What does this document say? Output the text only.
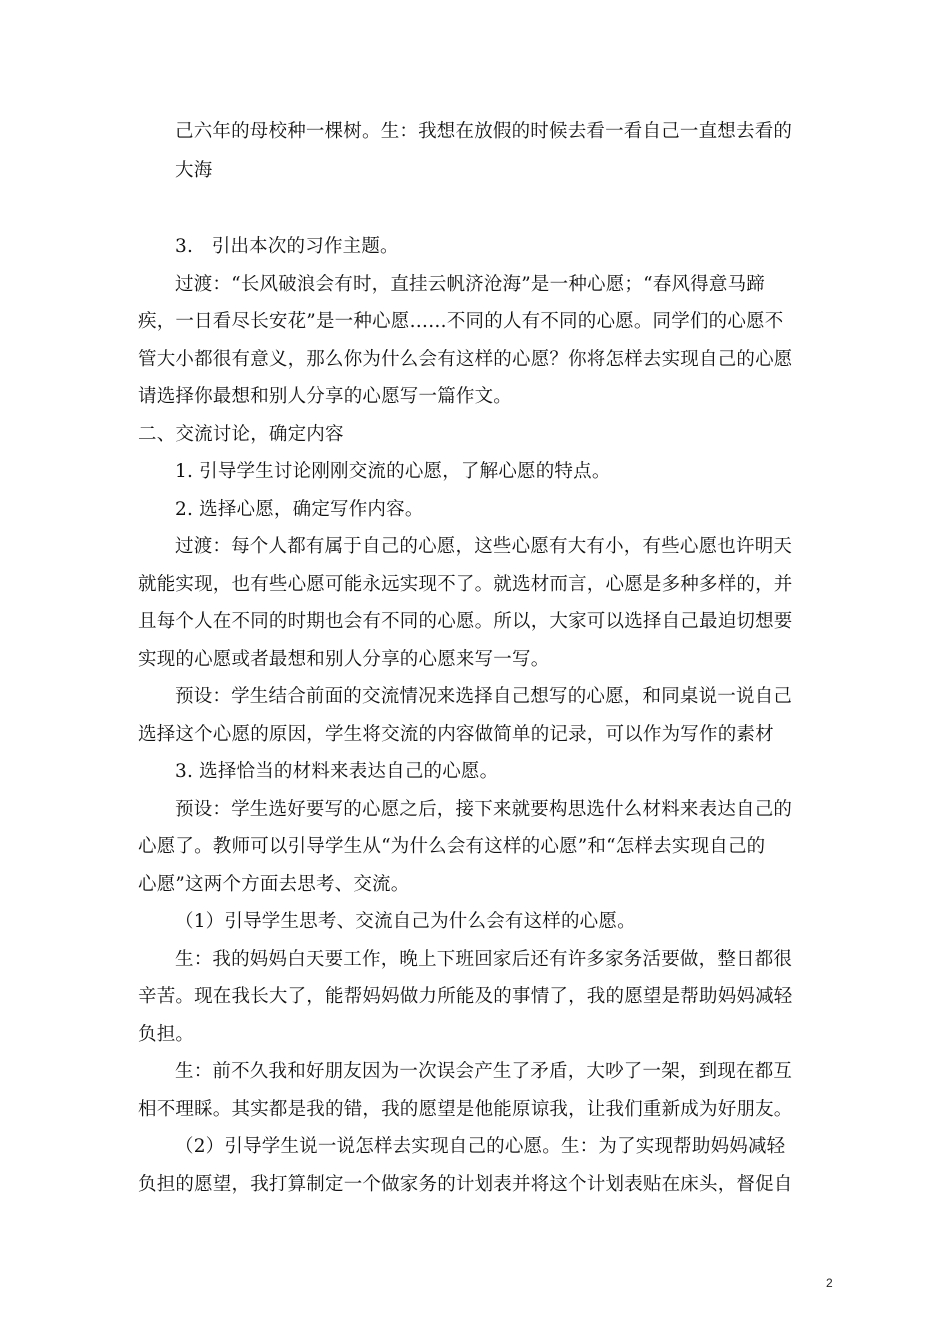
己六年的母校种一棵树。生：我想在放假的时候去看一看自己一直想去看的
大海
3.　引出本次的习作主题。
过渡：“长风破浪会有时，直挂云帆济沧海”是一种心愿；“春风得意马蹄
疾，一日看尽长安花”是一种心愿……不同的人有不同的心愿。同学们的心愿不
管大小都很有意义，那么你为什么会有这样的心愿？你将怎样去实现自己的心愿
请选择你最想和别人分享的心愿写一篇作文。
二、交流讨论，确定内容
1. 引导学生讨论刚刚交流的心愿，了解心愿的特点。
2. 选择心愿，确定写作内容。
过渡：每个人都有属于自己的心愿，这些心愿有大有小，有些心愿也许明天
就能实现，也有些心愿可能永远实现不了。就选材而言，心愿是多种多样的，并
且每个人在不同的时期也会有不同的心愿。所以，大家可以选择自己最迫切想要
实现的心愿或者最想和别人分享的心愿来写一写。
预设：学生结合前面的交流情况来选择自己想写的心愿，和同桌说一说自己
选择这个心愿的原因，学生将交流的内容做简单的记录，可以作为写作的素材
3. 选择恰当的材料来表达自己的心愿。
预设：学生选好要写的心愿之后，接下来就要构思选什么材料来表达自己的
心愿了。教师可以引导学生从“为什么会有这样的心愿”和“怎样去实现自己的
心愿”这两个方面去思考、交流。
（1）引导学生思考、交流自己为什么会有这样的心愿。
生：我的妈妈白天要工作，晚上下班回家后还有许多家务活要做，整日都很
辛苦。现在我长大了，能帮妈妈做力所能及的事情了，我的愿望是帮助妈妈减轻
负担。
生：前不久我和好朋友因为一次误会产生了矛盾，大吵了一架，到现在都互
相不理睬。其实都是我的错，我的愿望是他能原谅我，让我们重新成为好朋友。
（2）引导学生说一说怎样去实现自己的心愿。生：为了实现帮助妈妈减轻
负担的愿望，我打算制定一个做家务的计划表并将这个计划表贴在床头，督促自
2
